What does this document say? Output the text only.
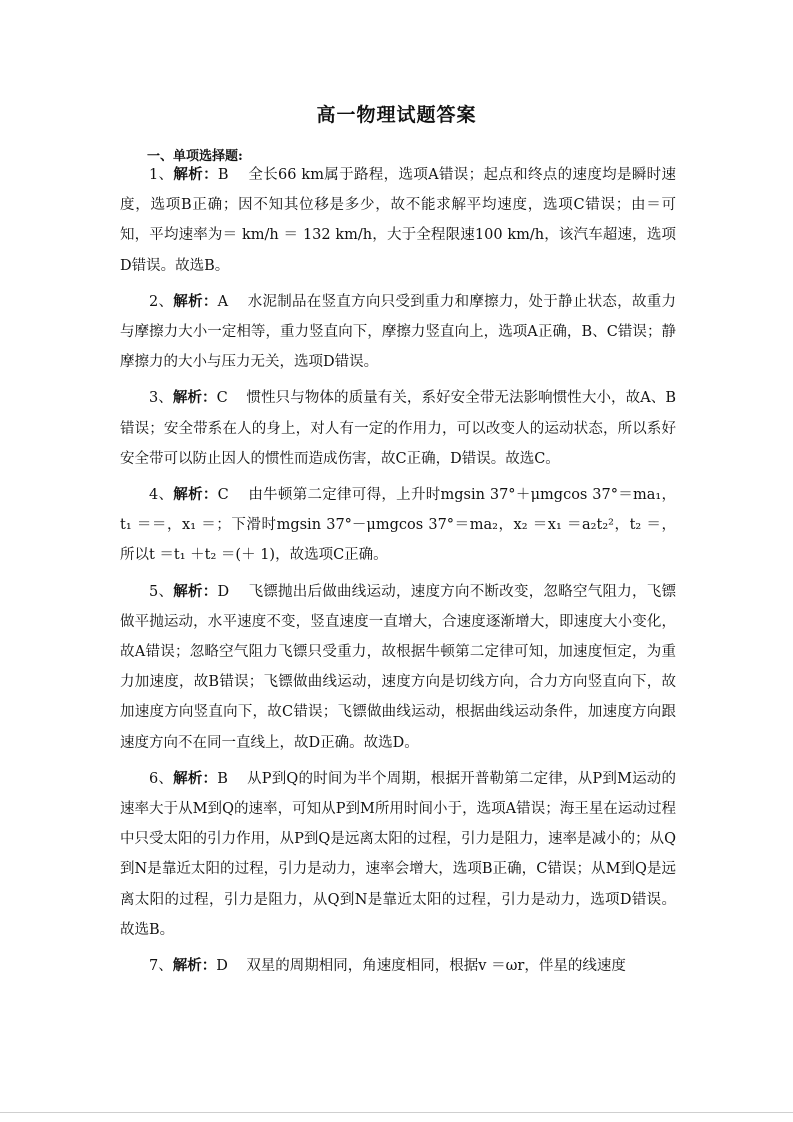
高一物理试题答案
一、单项选择题:

1、解析：B 全长66 km属于路程，选项A错误；起点和终点的速度均是瞬时速度，选项B正确；因不知其位移是多少，故不能求解平均速度，选项C错误；由＝可知，平均速率为＝ km/h ＝ 132 km/h，大于全程限速100 km/h，该汽车超速，选项D错误。故选B。

2、解析：A 水泥制品在竖直方向只受到重力和摩擦力，处于静止状态，故重力与摩擦力大小一定相等，重力竖直向下，摩擦力竖直向上，选项A正确，B、C错误；静摩擦力的大小与压力无关，选项D错误。

3、解析：C 惯性只与物体的质量有关，系好安全带无法影响惯性大小，故A、B错误；安全带系在人的身上，对人有一定的作用力，可以改变人的运动状态，所以系好安全带可以防止因人的惯性而造成伤害，故C正确，D错误。故选C。

4、解析：C 由牛顿第二定律可得，上升时mgsin 37°＋μmgcos 37°＝ma₁，t₁ ＝＝，x₁ ＝；下滑时mgsin 37°－μmgcos 37°＝ma₂，x₂ ＝x₁ ＝a₂t₂²，t₂ ＝，所以t ＝t₁ ＋t₂ ＝(＋ 1)，故选项C正确。

5、解析：D 飞镖抛出后做曲线运动，速度方向不断改变，忽略空气阻力，飞镖做平抛运动，水平速度不变，竖直速度一直增大，合速度逐渐增大，即速度大小变化，故A错误；忽略空气阻力飞镖只受重力，故根据牛顿第二定律可知，加速度恒定，为重力加速度，故B错误；飞镖做曲线运动，速度方向是切线方向，合力方向竖直向下，故加速度方向竖直向下，故C错误；飞镖做曲线运动，根据曲线运动条件，加速度方向跟速度方向不在同一直线上，故D正确。故选D。

6、解析：B 从P到Q的时间为半个周期，根据开普勒第二定律，从P到M运动的速率大于从M到Q的速率，可知从P到M所用时间小于，选项A错误；海王星在运动过程中只受太阳的引力作用，从P到Q是远离太阳的过程，引力是阻力，速率是减小的；从Q到N是靠近太阳的过程，引力是动力，速率会增大，选项B正确，C错误；从M到Q是远离太阳的过程，引力是阻力，从Q到N是靠近太阳的过程，引力是动力，选项D错误。故选B。

7、解析：D 双星的周期相同，角速度相同，根据v ＝ωr，伴星的线速度
